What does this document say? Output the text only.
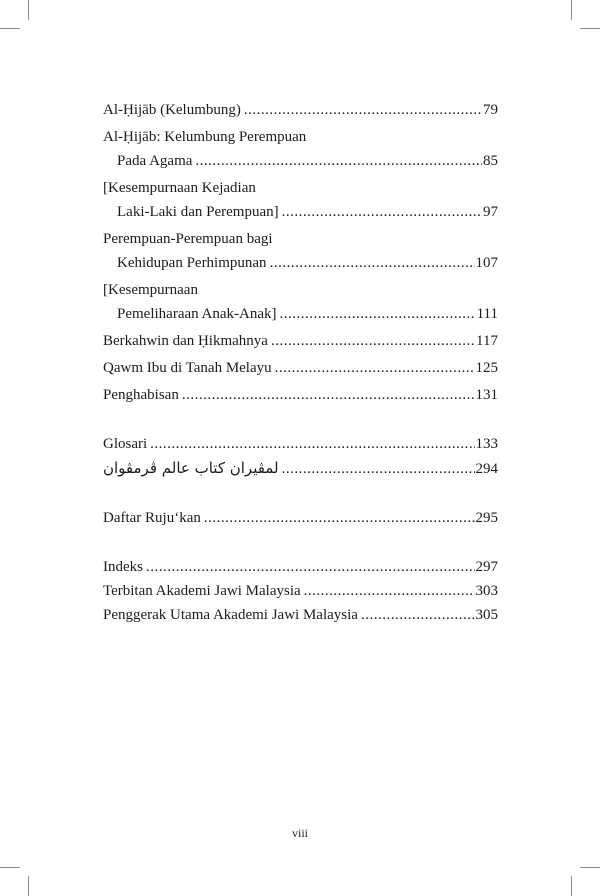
Al-Ḥijāb (Kelumbung) .....	79
Al-Ḥijāb: Kelumbung Perempuan
Pada Agama .....	85
[Kesempurnaan Kejadian
Laki-Laki dan Perempuan] .....	97
Perempuan-Perempuan bagi
Kehidupan Perhimpunan .....	107
[Kesempurnaan
Pemeliharaan Anak-Anak] .....	111
Berkahwin dan Ḥikmahnya .....	117
Qawm Ibu di Tanah Melayu .....	125
Penghabisan .....	131
Glosari .....	133
لمڤيران كتاب عالم ڤرمڤوان .....	294
Daftar Ruju‘kan .....	295
Indeks .....	297
Terbitan Akademi Jawi Malaysia .....	303
Penggerak Utama Akademi Jawi Malaysia .....	305
viii
